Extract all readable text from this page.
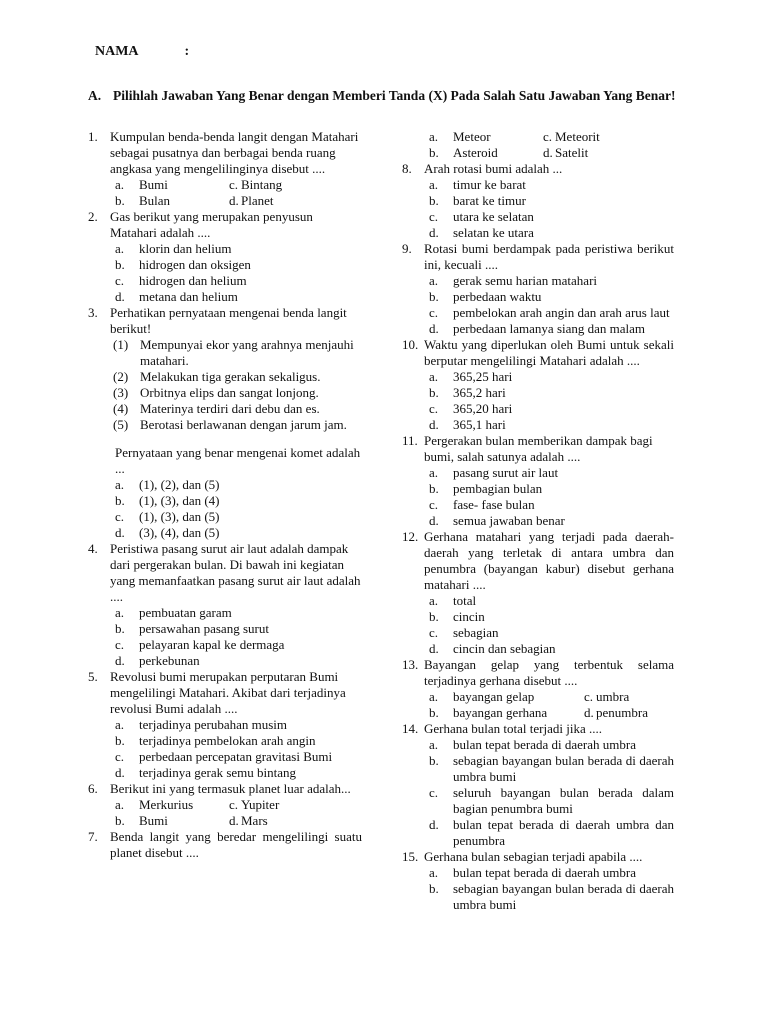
NAMA	:
A. Pilihlah Jawaban Yang Benar dengan Memberi Tanda (X) Pada Salah Satu Jawaban Yang Benar!
1. Kumpulan benda-benda langit dengan Matahari sebagai pusatnya dan berbagai benda ruang angkasa yang mengelilinginya disebut ....
a.	Bumi	c. Bintang
b.	Bulan	d. Planet
2. Gas berikut yang merupakan penyusun Matahari adalah ....
a.	klorin dan helium
b.	hidrogen dan oksigen
c.	hidrogen dan helium
d.	metana dan helium
3. Perhatikan pernyataan mengenai benda langit berikut!
(1) Mempunyai ekor yang arahnya menjauhi matahari.
(2) Melakukan tiga gerakan sekaligus.
(3) Orbitnya elips dan sangat lonjong.
(4) Materinya terdiri dari debu dan es.
(5) Berotasi berlawanan dengan jarum jam.
Pernyataan yang benar mengenai komet adalah ...
a.	(1), (2), dan (5)
b.	(1), (3), dan (4)
c.	(1), (3), dan (5)
d.	(3), (4), dan (5)
4. Peristiwa pasang surut air laut adalah dampak dari pergerakan bulan. Di bawah ini kegiatan yang memanfaatkan pasang surut air laut adalah ....
a.	pembuatan garam
b.	persawahan pasang surut
c.	pelayaran kapal ke dermaga
d.	perkebunan
5. Revolusi bumi merupakan perputaran Bumi mengelilingi Matahari. Akibat dari terjadinya revolusi Bumi adalah ....
a.	terjadinya perubahan musim
b.	terjadinya pembelokan arah angin
c.	perbedaan percepatan gravitasi Bumi
d.	terjadinya gerak semu bintang
6. Berikut ini yang termasuk planet luar adalah...
a.	Merkurius	c. Yupiter
b.	Bumi	d. Mars
7. Benda langit yang beredar mengelilingi suatu planet disebut ....
a.	Meteor	c. Meteorit
b.	Asteroid	d. Satelit
8. Arah rotasi bumi adalah ...
a.	timur ke barat
b.	barat ke timur
c.	utara ke selatan
d.	selatan ke utara
9. Rotasi bumi berdampak pada peristiwa berikut ini, kecuali ....
a.	gerak semu harian matahari
b.	perbedaan waktu
c.	pembelokan arah angin dan arah arus laut
d.	perbedaan lamanya siang dan malam
10. Waktu yang diperlukan oleh Bumi untuk sekali berputar mengelilingi Matahari adalah ....
a.	365,25 hari
b.	365,2 hari
c.	365,20 hari
d.	365,1 hari
11. Pergerakan bulan memberikan dampak bagi bumi, salah satunya adalah ....
a.	pasang surut air laut
b.	pembagian bulan
c.	fase- fase bulan
d.	semua jawaban benar
12. Gerhana matahari yang terjadi pada daerah-daerah yang terletak di antara umbra dan penumbra (bayangan kabur) disebut gerhana matahari ....
a.	total
b.	cincin
c.	sebagian
d.	cincin dan sebagian
13. Bayangan gelap yang terbentuk selama terjadinya gerhana disebut ....
a.	bayangan gelap	c. umbra
b.	bayangan gerhana	d. penumbra
14. Gerhana bulan total terjadi jika ....
a.	bulan tepat berada di daerah umbra
b.	sebagian bayangan bulan berada di daerah umbra bumi
c.	seluruh bayangan bulan berada dalam bagian penumbra bumi
d.	bulan tepat berada di daerah umbra dan penumbra
15. Gerhana bulan sebagian terjadi apabila ....
a.	bulan tepat berada di daerah umbra
b.	sebagian bayangan bulan berada di daerah umbra bumi
